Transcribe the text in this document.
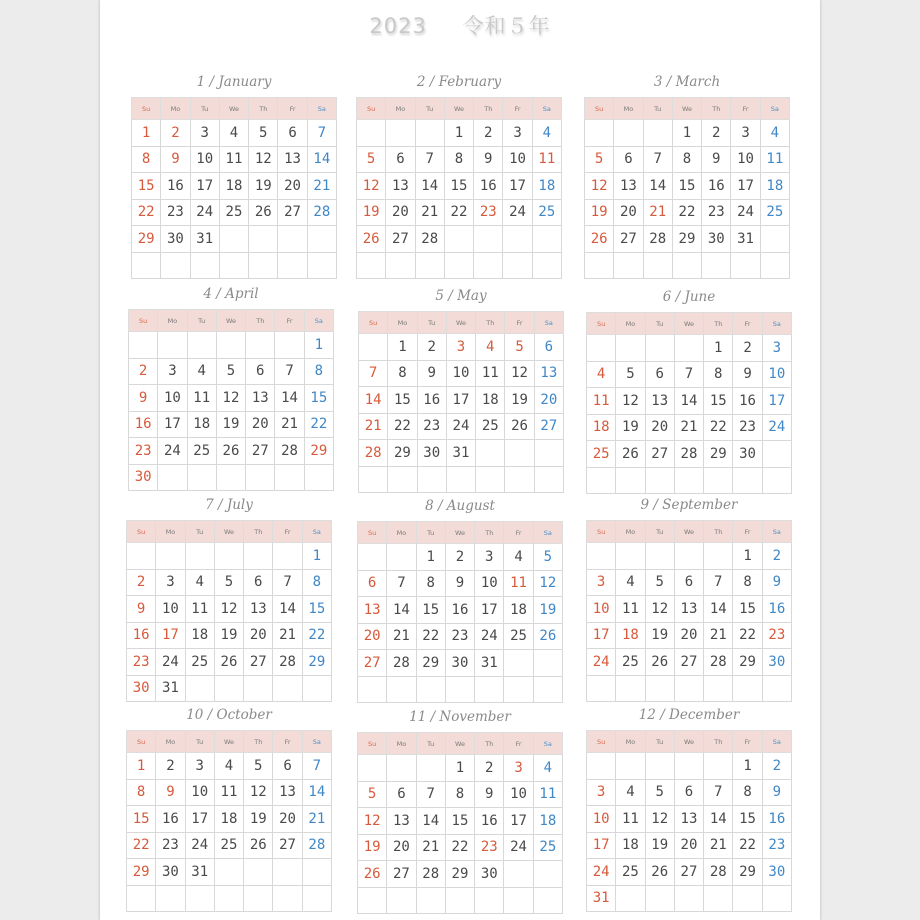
2023 令和５年
1 / January
Su	Mo	Tu	We	Th	Fr	Sa
1	2	3	4	5	6	7
8	9	10	11	12	13	14
15	16	17	18	19	20	21
22	23	24	25	26	27	28
29	30	31				

2 / February
Su	Mo	Tu	We	Th	Fr	Sa
			1	2	3	4
5	6	7	8	9	10	11
12	13	14	15	16	17	18
19	20	21	22	23	24	25
26	27	28				

3 / March
Su	Mo	Tu	We	Th	Fr	Sa
			1	2	3	4
5	6	7	8	9	10	11
12	13	14	15	16	17	18
19	20	21	22	23	24	25
26	27	28	29	30	31	

4 / April
Su	Mo	Tu	We	Th	Fr	Sa
						1
2	3	4	5	6	7	8
9	10	11	12	13	14	15
16	17	18	19	20	21	22
23	24	25	26	27	28	29
30						
5 / May
Su	Mo	Tu	We	Th	Fr	Sa
	1	2	3	4	5	6
7	8	9	10	11	12	13
14	15	16	17	18	19	20
21	22	23	24	25	26	27
28	29	30	31			

6 / June
Su	Mo	Tu	We	Th	Fr	Sa
				1	2	3
4	5	6	7	8	9	10
11	12	13	14	15	16	17
18	19	20	21	22	23	24
25	26	27	28	29	30	

7 / July
Su	Mo	Tu	We	Th	Fr	Sa
						1
2	3	4	5	6	7	8
9	10	11	12	13	14	15
16	17	18	19	20	21	22
23	24	25	26	27	28	29
30	31					
8 / August
Su	Mo	Tu	We	Th	Fr	Sa
		1	2	3	4	5
6	7	8	9	10	11	12
13	14	15	16	17	18	19
20	21	22	23	24	25	26
27	28	29	30	31		

9 / September
Su	Mo	Tu	We	Th	Fr	Sa
					1	2
3	4	5	6	7	8	9
10	11	12	13	14	15	16
17	18	19	20	21	22	23
24	25	26	27	28	29	30

10 / October
Su	Mo	Tu	We	Th	Fr	Sa
1	2	3	4	5	6	7
8	9	10	11	12	13	14
15	16	17	18	19	20	21
22	23	24	25	26	27	28
29	30	31				

11 / November
Su	Mo	Tu	We	Th	Fr	Sa
			1	2	3	4
5	6	7	8	9	10	11
12	13	14	15	16	17	18
19	20	21	22	23	24	25
26	27	28	29	30		

12 / December
Su	Mo	Tu	We	Th	Fr	Sa
					1	2
3	4	5	6	7	8	9
10	11	12	13	14	15	16
17	18	19	20	21	22	23
24	25	26	27	28	29	30
31						
